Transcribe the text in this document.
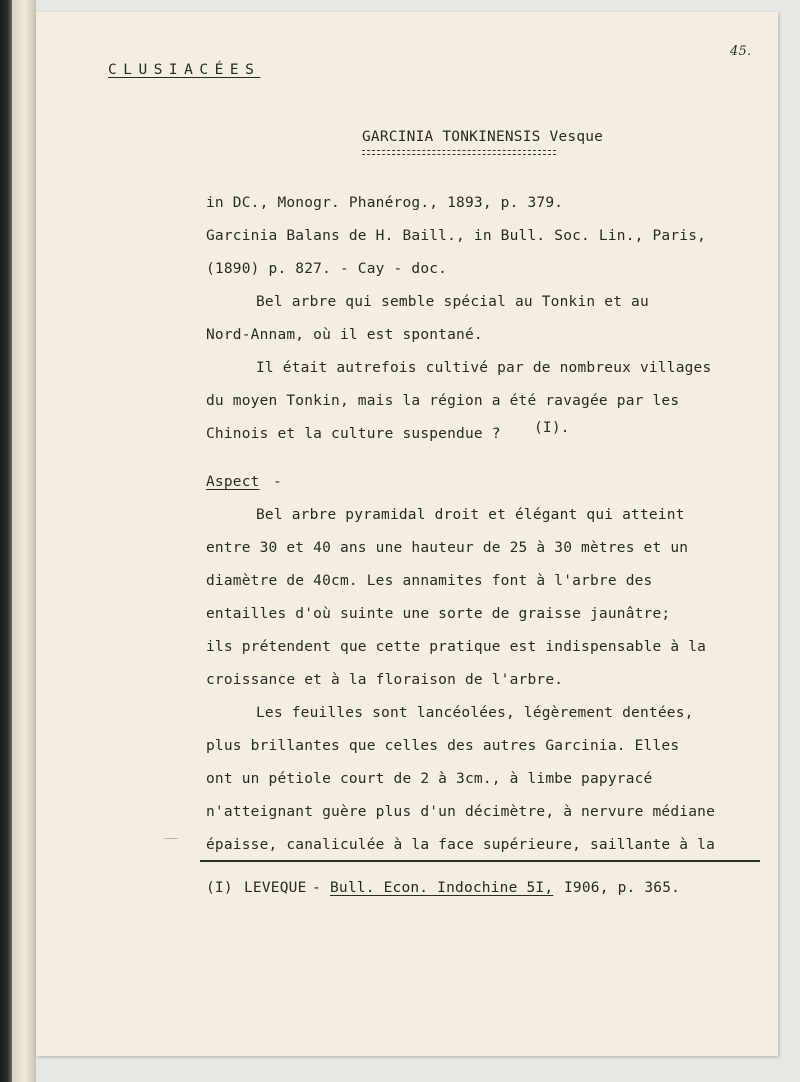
45.
CLUSIACÉES
GARCINIA TONKINENSIS Vesque
in DC., Monogr. Phanérog., 1893, p. 379.
Garcinia Balans de H. Baill., in Bull. Soc. Lin., Paris,
(1890) p. 827. - Cay - doc.
Bel arbre qui semble spécial au Tonkin et au
Nord-Annam, où il est spontané.
Il était autrefois cultivé par de nombreux villages
du moyen Tonkin, mais la région a été ravagée par les
Chinois et la culture suspendue ? (I).
Aspect -
Bel arbre pyramidal droit et élégant qui atteint
entre 30 et 40 ans une hauteur de 25 à 30 mètres et un
diamètre de 40cm. Les annamites font à l'arbre des
entailles d'où suinte une sorte de graisse jaunâtre;
ils prétendent que cette pratique est indispensable à la
croissance et à la floraison de l'arbre.
Les feuilles sont lancéolées, légèrement dentées,
plus brillantes que celles des autres Garcinia. Elles
ont un pétiole court de 2 à 3cm., à limbe papyracé
n'atteignant guère plus d'un décimètre, à nervure médiane
épaisse, canaliculée à la face supérieure, saillante à la
(I) LEVEQUE - Bull. Econ. Indochine 5I, I906, p. 365.
